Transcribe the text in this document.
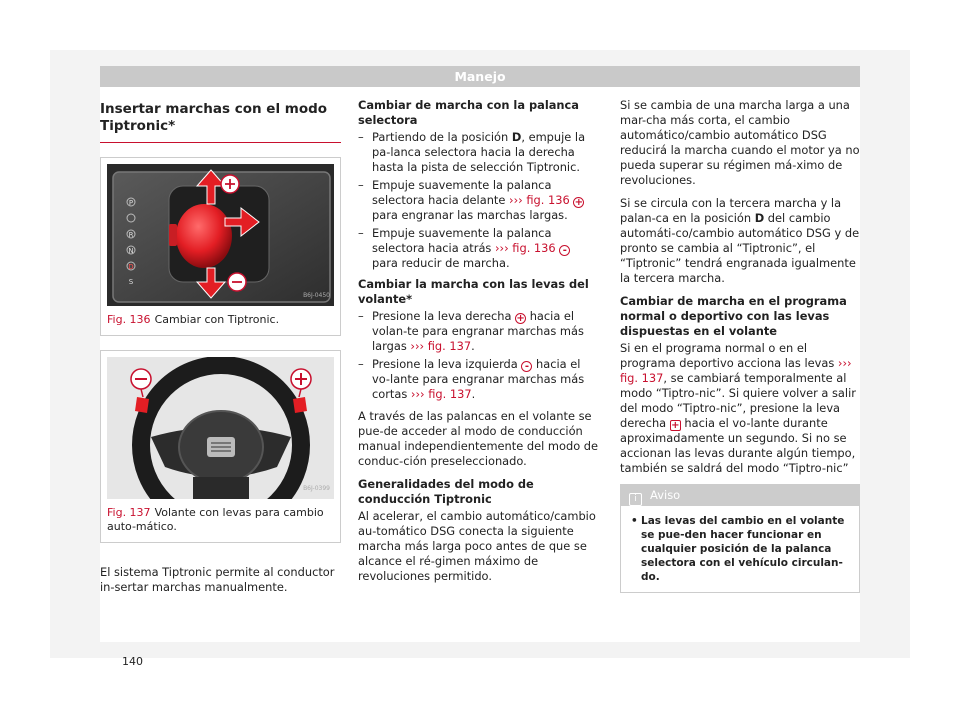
Manejo
Insertar marchas con el modo Tiptronic*
P
R
N
D
S
B6J-0450
Fig. 136 Cambiar con Tiptronic.
B6J-0399
Fig. 137 Volante con levas para cambio auto-mático.

El sistema Tiptronic permite al conductor in-sertar marchas manualmente.

Cambiar de marcha con la palanca selectora
– Partiendo de la posición D, empuje la pa-lanca selectora hacia la derecha hasta la pista de selección Tiptronic.
– Empuje suavemente la palanca selectora hacia delante ››› fig. 136 + para engranar las marchas largas.
– Empuje suavemente la palanca selectora hacia atrás ››› fig. 136 - para reducir de marcha.
Cambiar la marcha con las levas del volante*
– Presione la leva derecha + hacia el volan-te para engranar marchas más largas ››› fig. 137.
– Presione la leva izquierda - hacia el vo-lante para engranar marchas más cortas ››› fig. 137.

A través de las palancas en el volante se pue-de acceder al modo de conducción manual independientemente del modo de conduc-ción preseleccionado.

Generalidades del modo de conducción Tiptronic

Al acelerar, el cambio automático/cambio au-tomático DSG conecta la siguiente marcha más larga poco antes de que se alcance el ré-gimen máximo de revoluciones permitido.

Si se cambia de una marcha larga a una mar-cha más corta, el cambio automático/cambio automático DSG reducirá la marcha cuando el motor ya no pueda superar su régimen má-ximo de revoluciones.

Si se circula con la tercera marcha y la palan-ca en la posición D del cambio automáti-co/cambio automático DSG y de pronto se cambia al “Tiptronic”, el “Tiptronic” tendrá engranada igualmente la tercera marcha.

Cambiar de marcha en el programa normal o deportivo con las levas dispuestas en el volante

Si en el programa normal o en el programa deportivo acciona las levas ››› fig. 137, se cambiará temporalmente al modo “Tiptro-nic”. Si quiere volver a salir del modo “Tiptro-nic”, presione la leva derecha + hacia el vo-lante durante aproximadamente un segundo. Si no se accionan las levas durante algún tiempo, también se saldrá del modo “Tiptro-nic”

i Aviso
• Las levas del cambio en el volante se pue-den hacer funcionar en cualquier posición de la palanca selectora con el vehículo circulan-do.
140
